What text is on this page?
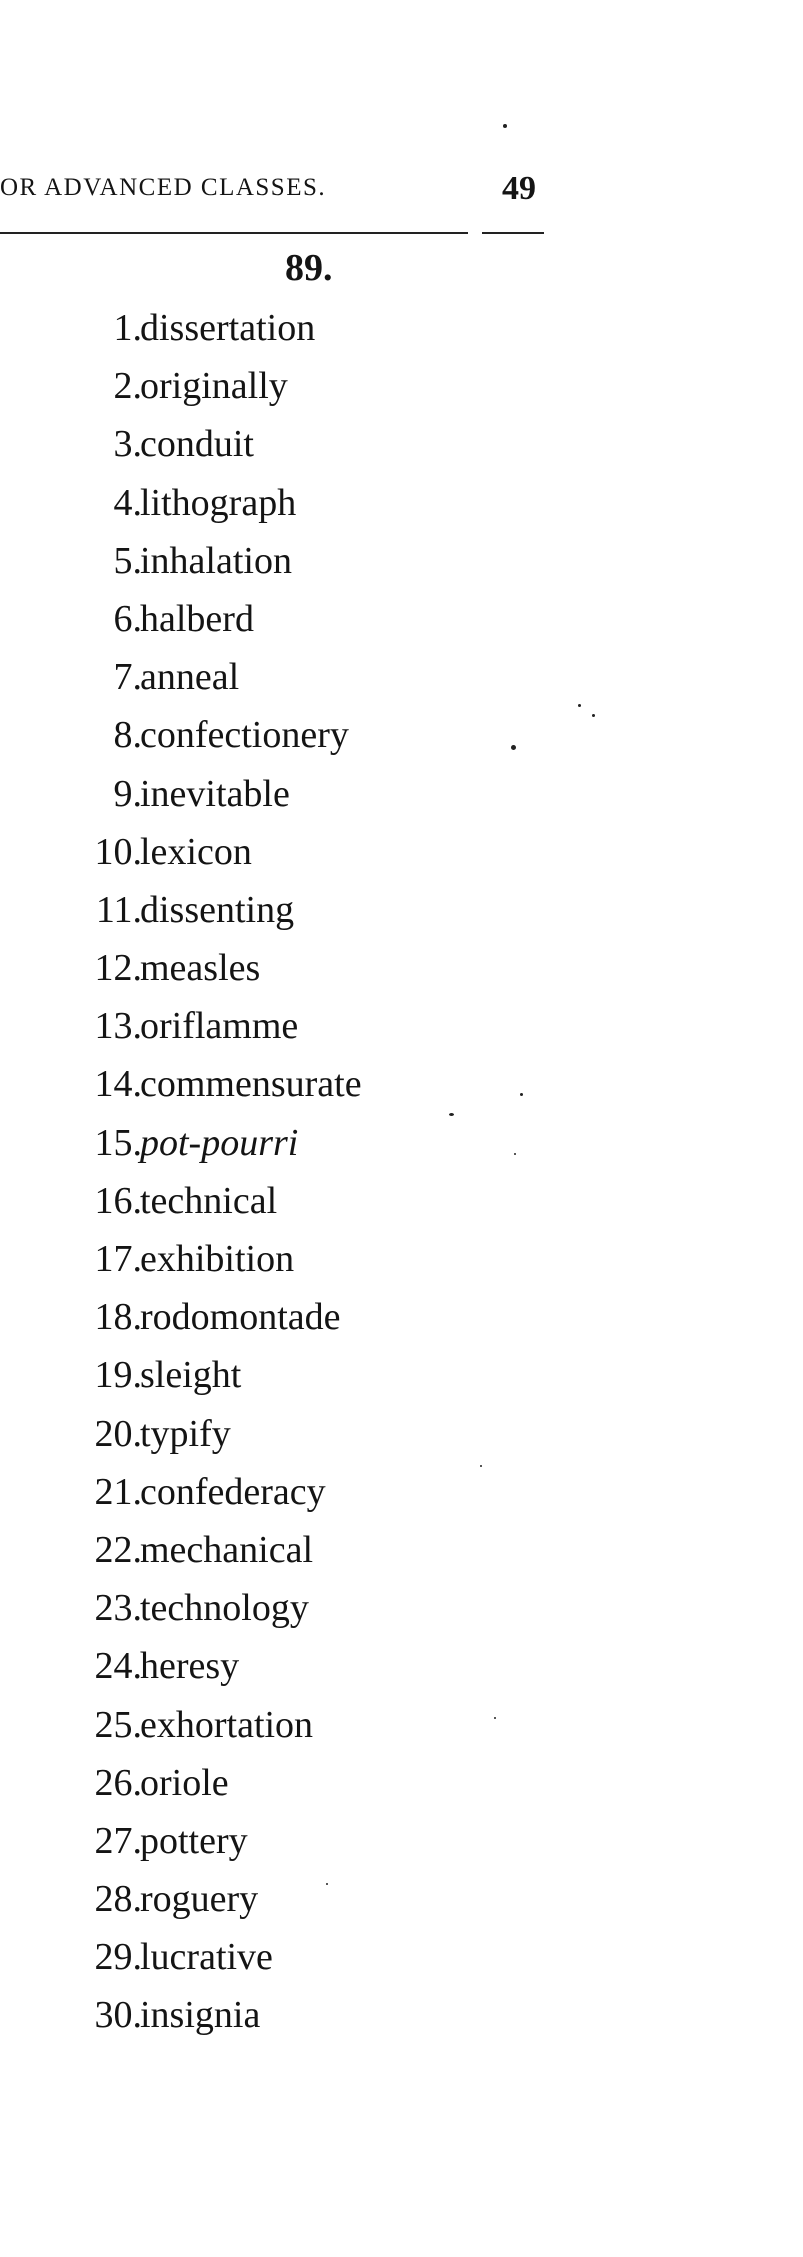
OR ADVANCED CLASSES.	49
89.
1.
dissertation
2.
originally
3.
conduit
4.
lithograph
5.
inhalation
6.
halberd
7.
anneal
8.
confectionery
9.
inevitable
10.
lexicon
11.
dissenting
12.
measles
13.
oriflamme
14.
commensurate
15.
pot-pourri
16.
technical
17.
exhibition
18.
rodomontade
19.
sleight
20.
typify
21.
confederacy
22.
mechanical
23.
technology
24.
heresy
25.
exhortation
26.
oriole
27.
pottery
28.
roguery
29.
lucrative
30.
insignia
